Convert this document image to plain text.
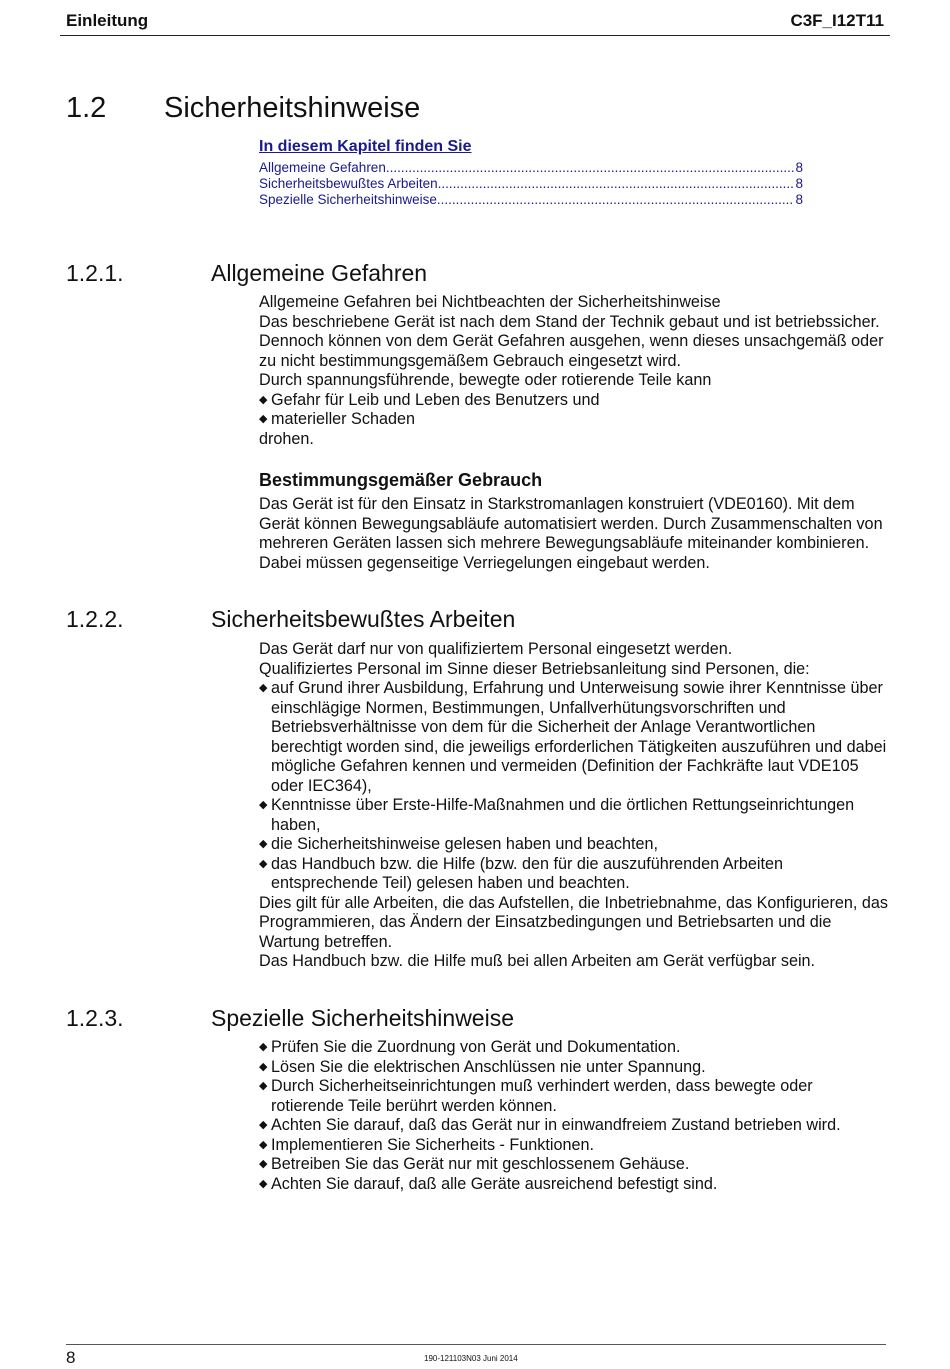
Einleitung	C3F_I12T11
1.2 Sicherheitshinweise
In diesem Kapitel finden Sie
Allgemeine Gefahren .....	8
Sicherheitsbewußtes Arbeiten .....	8
Spezielle Sicherheitshinweise .....	8
1.2.1.	Allgemeine Gefahren

Allgemeine Gefahren bei Nichtbeachten der Sicherheitshinweise

Das beschriebene Gerät ist nach dem Stand der Technik gebaut und ist betriebssicher. Dennoch können von dem Gerät Gefahren ausgehen, wenn dieses unsachgemäß oder zu nicht bestimmungsgemäßem Gebrauch eingesetzt wird.

Durch spannungsführende, bewegte oder rotierende Teile kann

◆ Gefahr für Leib und Leben des Benutzers und
◆ materieller Schaden

drohen.

Bestimmungsgemäßer Gebrauch

Das Gerät ist für den Einsatz in Starkstromanlagen konstruiert (VDE0160). Mit dem Gerät können Bewegungsabläufe automatisiert werden. Durch Zusammenschalten von mehreren Geräten lassen sich mehrere Bewegungsabläufe miteinander kombinieren. Dabei müssen gegenseitige Verriegelungen eingebaut werden.

1.2.2.	Sicherheitsbewußtes Arbeiten

Das Gerät darf nur von qualifiziertem Personal eingesetzt werden.

Qualifiziertes Personal im Sinne dieser Betriebsanleitung sind Personen, die:

◆ auf Grund ihrer Ausbildung, Erfahrung und Unterweisung sowie ihrer Kenntnisse über einschlägige Normen, Bestimmungen, Unfallverhütungsvorschriften und Betriebsverhältnisse von dem für die Sicherheit der Anlage Verantwortlichen berechtigt worden sind, die jeweiligs erforderlichen Tätigkeiten auszuführen und dabei mögliche Gefahren kennen und vermeiden (Definition der Fachkräfte laut VDE105 oder IEC364),
◆ Kenntnisse über Erste-Hilfe-Maßnahmen und die örtlichen Rettungseinrichtungen haben,
◆ die Sicherheitshinweise gelesen haben und beachten,
◆ das Handbuch bzw. die Hilfe (bzw. den für die auszuführenden Arbeiten entsprechende Teil) gelesen haben und beachten.

Dies gilt für alle Arbeiten, die das Aufstellen, die Inbetriebnahme, das Konfigurieren, das Programmieren, das Ändern der Einsatzbedingungen und Betriebsarten und die Wartung betreffen.

Das Handbuch bzw. die Hilfe muß bei allen Arbeiten am Gerät verfügbar sein.

1.2.3.	Spezielle Sicherheitshinweise
◆ Prüfen Sie die Zuordnung von Gerät und Dokumentation.
◆ Lösen Sie die elektrischen Anschlüssen nie unter Spannung.
◆ Durch Sicherheitseinrichtungen muß verhindert werden, dass bewegte oder rotierende Teile berührt werden können.
◆ Achten Sie darauf, daß das Gerät nur in einwandfreiem Zustand betrieben wird.
◆ Implementieren Sie Sicherheits - Funktionen.
◆ Betreiben Sie das Gerät nur mit geschlossenem Gehäuse.
◆ Achten Sie darauf, daß alle Geräte ausreichend befestigt sind.
8	190-121103N03 Juni 2014
